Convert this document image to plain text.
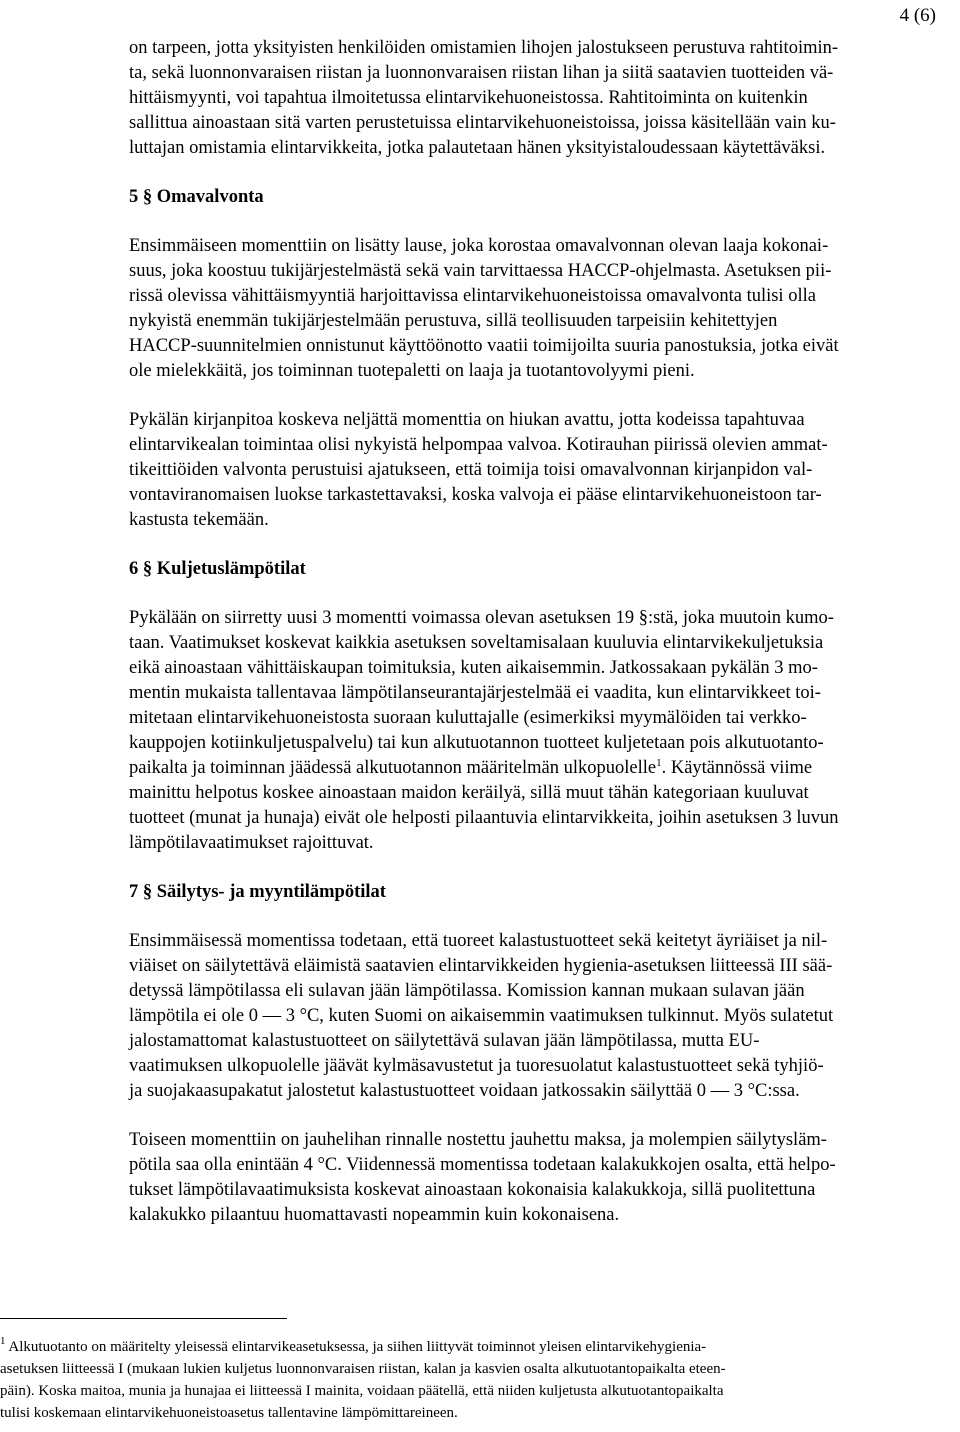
4 (6)

on tarpeen, jotta yksityisten henkilöiden omistamien lihojen jalostukseen perustuva rahtitoimin-
ta, sekä luonnonvaraisen riistan ja luonnonvaraisen riistan lihan ja siitä saatavien tuotteiden vä-
hittäismyynti, voi tapahtua ilmoitetussa elintarvikehuoneistossa. Rahtitoiminta on kuitenkin
sallittua ainoastaan sitä varten perustetuissa elintarvikehuoneistoissa, joissa käsitellään vain ku-
luttajan omistamia elintarvikkeita, jotka palautetaan hänen yksityistaloudessaan käytettäväksi.

5 § Omavalvonta

Ensimmäiseen momenttiin on lisätty lause, joka korostaa omavalvonnan olevan laaja kokonai-
suus, joka koostuu tukijärjestelmästä sekä vain tarvittaessa HACCP-ohjelmasta. Asetuksen pii-
rissä olevissa vähittäismyyntiä harjoittavissa elintarvikehuoneistoissa omavalvonta tulisi olla
nykyistä enemmän tukijärjestelmään perustuva, sillä teollisuuden tarpeisiin kehitettyjen
HACCP-suunnitelmien onnistunut käyttöönotto vaatii toimijoilta suuria panostuksia, jotka eivät
ole mielekkäitä, jos toiminnan tuotepaletti on laaja ja tuotantovolyymi pieni.

Pykälän kirjanpitoa koskeva neljättä momenttia on hiukan avattu, jotta kodeissa tapahtuvaa
elintarvikealan toimintaa olisi nykyistä helpompaa valvoa. Kotirauhan piirissä olevien ammat-
tikeittiöiden valvonta perustuisi ajatukseen, että toimija toisi omavalvonnan kirjanpidon val-
vontaviranomaisen luokse tarkastettavaksi, koska valvoja ei pääse elintarvikehuoneistoon tar-
kastusta tekemään.

6 § Kuljetuslämpötilat

Pykälään on siirretty uusi 3 momentti voimassa olevan asetuksen 19 §:stä, joka muutoin kumo-
taan. Vaatimukset koskevat kaikkia asetuksen soveltamisalaan kuuluvia elintarvikekuljetuksia
eikä ainoastaan vähittäiskaupan toimituksia, kuten aikaisemmin. Jatkossakaan pykälän 3 mo-
mentin mukaista tallentavaa lämpötilanseurantajärjestelmää ei vaadita, kun elintarvikkeet toi-
mitetaan elintarvikehuoneistosta suoraan kuluttajalle (esimerkiksi myymälöiden tai verkko-
kauppojen kotiinkuljetuspalvelu) tai kun alkutuotannon tuotteet kuljetetaan pois alkutuotanto-
paikalta ja toiminnan jäädessä alkutuotannon määritelmän ulkopuolelle$^1$. Käytännössä viime
mainittu helpotus koskee ainoastaan maidon keräilyä, sillä muut tähän kategoriaan kuuluvat
tuotteet (munat ja hunaja) eivät ole helposti pilaantuvia elintarvikkeita, joihin asetuksen 3 luvun
lämpötilavaatimukset rajoittuvat.

7 § Säilytys- ja myyntilämpötilat

Ensimmäisessä momentissa todetaan, että tuoreet kalastustuotteet sekä keitetyt äyriäiset ja nil-
viäiset on säilytettävä eläimistä saatavien elintarvikkeiden hygienia-asetuksen liitteessä III sää-
detyssä lämpötilassa eli sulavan jään lämpötilassa. Komission kannan mukaan sulavan jään
lämpötila ei ole 0 — 3 °C, kuten Suomi on aikaisemmin vaatimuksen tulkinnut. Myös sulatetut
jalostamattomat kalastustuotteet on säilytettävä sulavan jään lämpötilassa, mutta EU-
vaatimuksen ulkopuolelle jäävät kylmäsavustetut ja tuoresuolatut kalastustuotteet sekä tyhjiö-
ja suojakaasupakatut jalostetut kalastustuotteet voidaan jatkossakin säilyttää 0 — 3 °C:ssa.

Toiseen momenttiin on jauhelihan rinnalle nostettu jauhettu maksa, ja molempien säilytysläm-
pötila saa olla enintään 4 °C. Viidennessä momentissa todetaan kalakukkojen osalta, että helpo-
tukset lämpötilavaatimuksista koskevat ainoastaan kokonaisia kalakukkoja, sillä puolitettuna
kalakukko pilaantuu huomattavasti nopeammin kuin kokonaisena.

$^1$ Alkutuotanto on määritelty yleisessä elintarvikeasetuksessa, ja siihen liittyvät toiminnot yleisen elintarvikehygienia-
asetuksen liitteessä I (mukaan lukien kuljetus luonnonvaraisen riistan, kalan ja kasvien osalta alkutuotantopaikalta eteen-
päin). Koska maitoa, munia ja hunajaa ei liitteessä I mainita, voidaan päätellä, että niiden kuljetusta alkutuotantopaikalta
tulisi koskemaan elintarvikehuoneistoasetus tallentavine lämpömittareineen.
